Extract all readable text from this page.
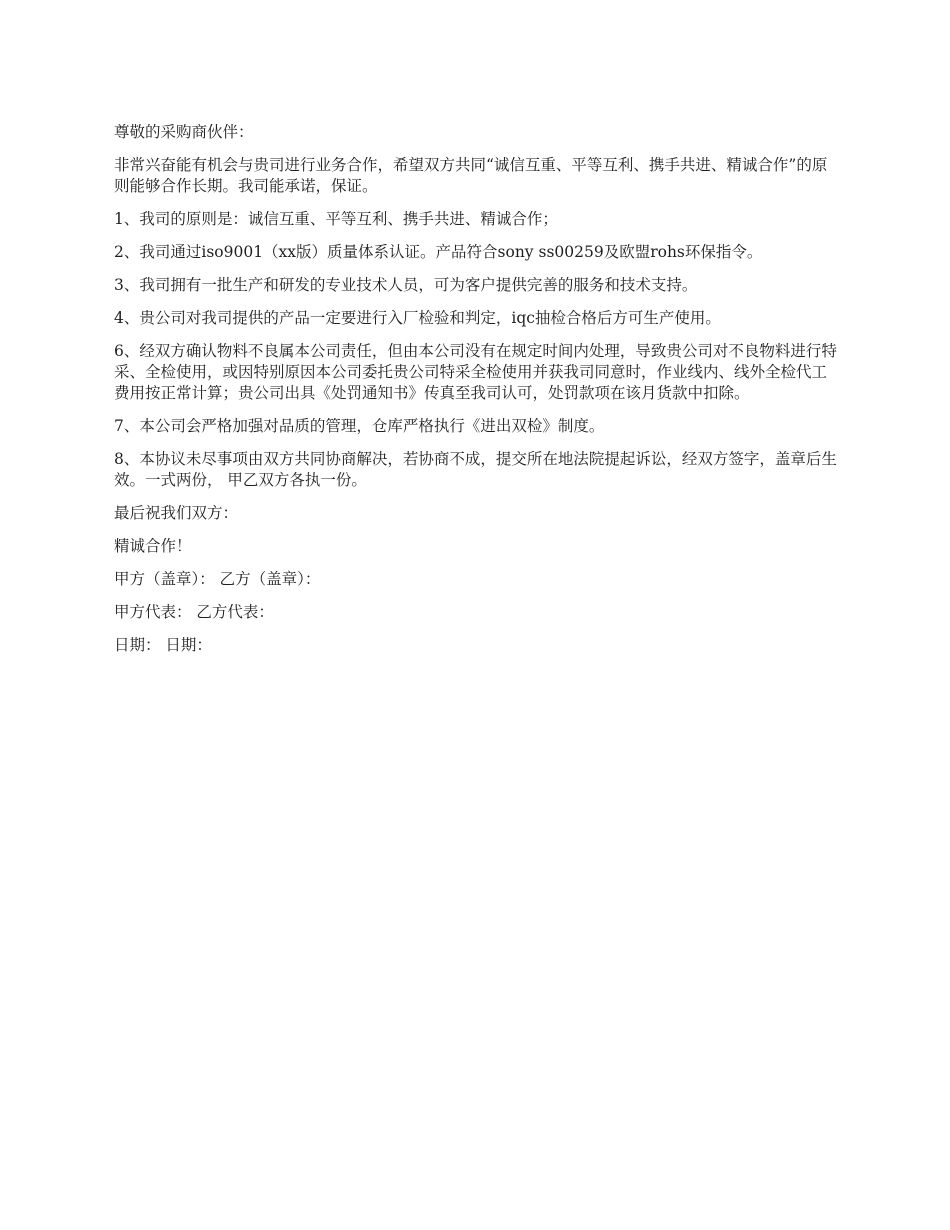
尊敬的采购商伙伴：

非常兴奋能有机会与贵司进行业务合作，希望双方共同“诚信互重、平等互利、携手共进、精诚合作”的原则能够合作长期。我司能承诺，保证。

1、我司的原则是：诚信互重、平等互利、携手共进、精诚合作；

2、我司通过iso9001（xx版）质量体系认证。产品符合sony ss00259及欧盟rohs环保指令。

3、我司拥有一批生产和研发的专业技术人员，可为客户提供完善的服务和技术支持。

4、贵公司对我司提供的产品一定要进行入厂检验和判定，iqc抽检合格后方可生产使用。

6、经双方确认物料不良属本公司责任，但由本公司没有在规定时间内处理，导致贵公司对不良物料进行特采、全检使用，或因特别原因本公司委托贵公司特采全检使用并获我司同意时，作业线内、线外全检代工费用按正常计算；贵公司出具《处罚通知书》传真至我司认可，处罚款项在该月货款中扣除。

7、本公司会严格加强对品质的管理，仓库严格执行《进出双检》制度。

8、本协议未尽事项由双方共同协商解决，若协商不成，提交所在地法院提起诉讼，经双方签字，盖章后生效。一式两份， 甲乙双方各执一份。

最后祝我们双方：

精诚合作！

甲方（盖章）： 乙方（盖章）：

甲方代表： 乙方代表：

日期： 日期：
